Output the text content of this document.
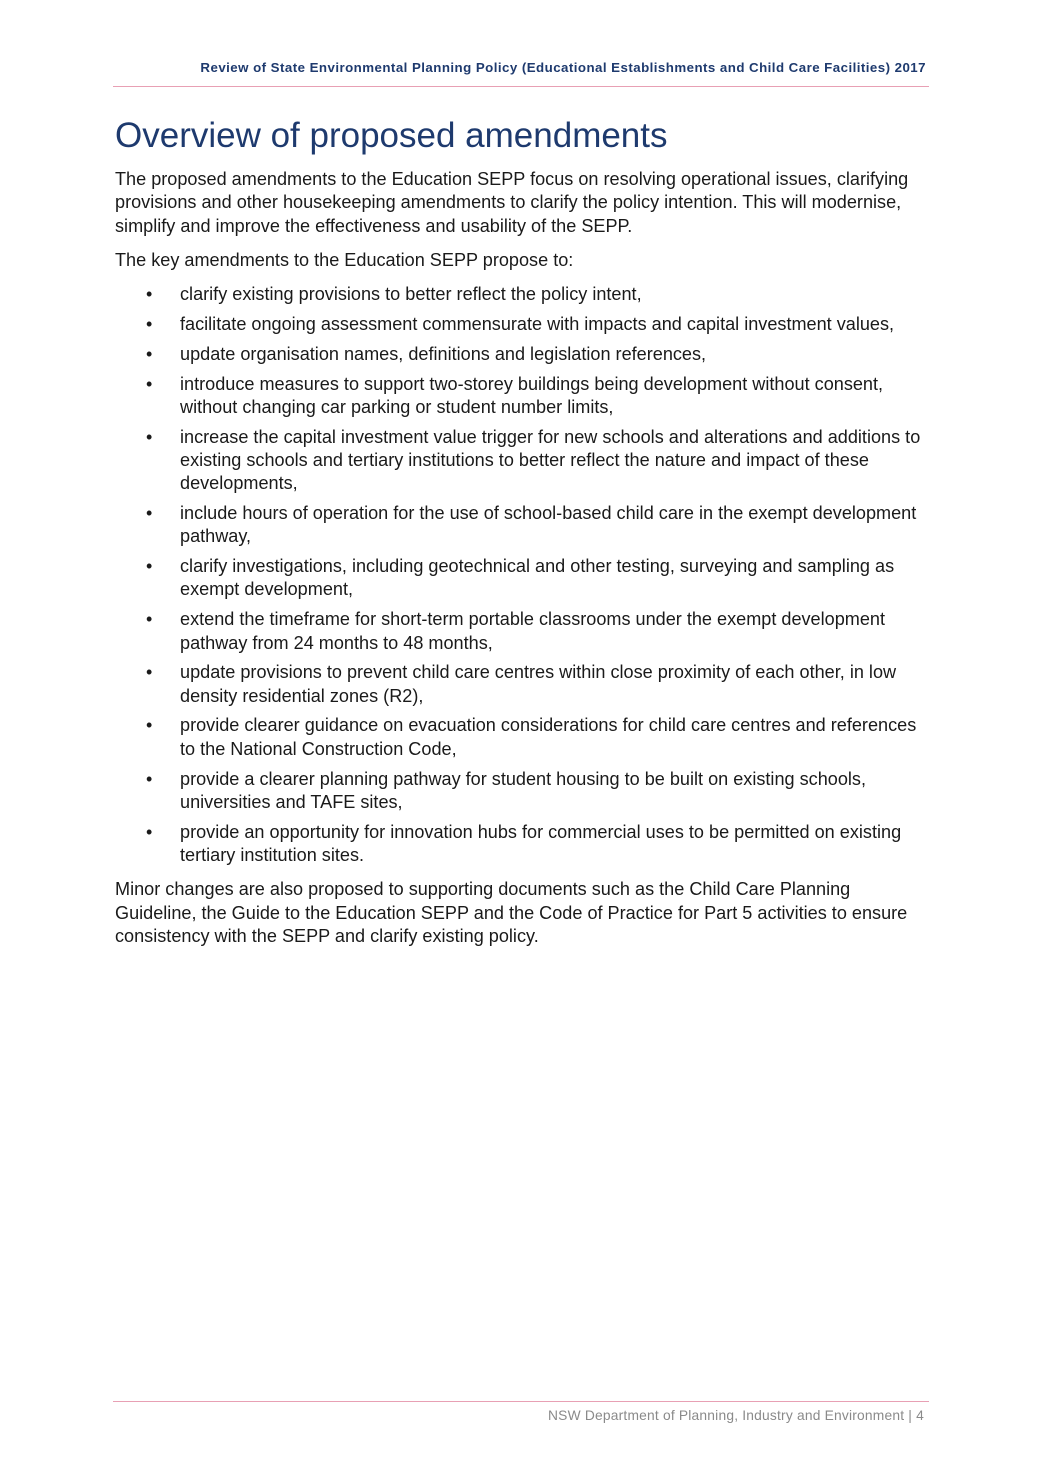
Review of State Environmental Planning Policy (Educational Establishments and Child Care Facilities) 2017
Overview of proposed amendments

The proposed amendments to the Education SEPP focus on resolving operational issues, clarifying provisions and other housekeeping amendments to clarify the policy intention. This will modernise, simplify and improve the effectiveness and usability of the SEPP.

The key amendments to the Education SEPP propose to:

• clarify existing provisions to better reflect the policy intent,
• facilitate ongoing assessment commensurate with impacts and capital investment values,
• update organisation names, definitions and legislation references,
• introduce measures to support two-storey buildings being development without consent, without changing car parking or student number limits,
• increase the capital investment value trigger for new schools and alterations and additions to existing schools and tertiary institutions to better reflect the nature and impact of these developments,
• include hours of operation for the use of school-based child care in the exempt development pathway,
• clarify investigations, including geotechnical and other testing, surveying and sampling as exempt development,
• extend the timeframe for short-term portable classrooms under the exempt development pathway from 24 months to 48 months,
• update provisions to prevent child care centres within close proximity of each other, in low density residential zones (R2),
• provide clearer guidance on evacuation considerations for child care centres and references to the National Construction Code,
• provide a clearer planning pathway for student housing to be built on existing schools, universities and TAFE sites,
• provide an opportunity for innovation hubs for commercial uses to be permitted on existing tertiary institution sites.

Minor changes are also proposed to supporting documents such as the Child Care Planning Guideline, the Guide to the Education SEPP and the Code of Practice for Part 5 activities to ensure consistency with the SEPP and clarify existing policy.

NSW Department of Planning, Industry and Environment | 4
